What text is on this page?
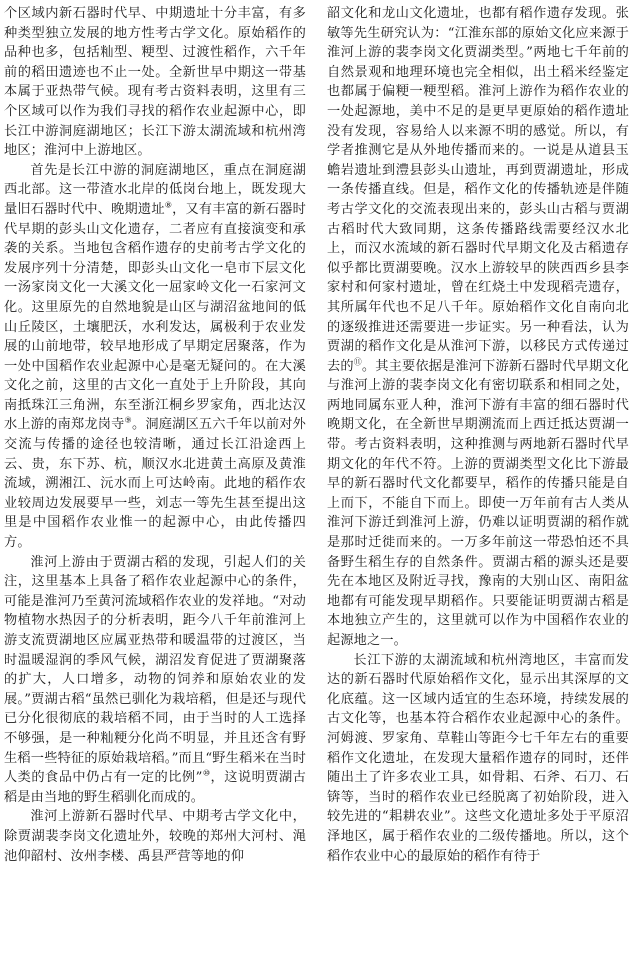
个区域内新石器时代早、中期遗址十分丰富，有多种类型独立发展的地方性考古学文化。原始稻作的品种也多，包括籼型、粳型、过渡性稻作，六千年前的稻田遗迹也不止一处。全新世早中期这一带基本属于亚热带气候。现有考古资料表明，这里有三个区域可以作为我们寻找的稻作农业起源中心，即长江中游洞庭湖地区；长江下游太湖流域和杭州湾地区；淮河中上游地区。

首先是长江中游的洞庭湖地区，重点在洞庭湖西北部。这一带渣水北岸的低岗台地上，既发现大量旧石器时代中、晚期遗址⑧，又有丰富的新石器时代早期的彭头山文化遗存，二者应有直接演变和承袭的关系。当地包含稻作遗存的史前考古学文化的发展序列十分清楚，即彭头山文化一皂市下层文化一汤家岗文化一大溪文化一屈家岭文化一石家河文化。这里原先的自然地貌是山区与湖沼盆地间的低山丘陵区，土壤肥沃，水利发达，属极利于农业发展的山前地带，较早地形成了早期定居聚落，作为一处中国稻作农业起源中心是毫无疑问的。在大溪文化之前，这里的古文化一直处于上升阶段，其向南抵珠江三角洲，东至浙江桐乡罗家角，西北达汉水上游的南郑龙岗寺⑨。洞庭湖区五六千年以前对外交流与传播的途径也较清晰，通过长江沿途西上云、贵，东下苏、杭，顺汉水北进黄土高原及黄淮流域，溯湘江、沅水而上可达岭南。此地的稻作农业较周边发展要早一些，刘志一等先生甚至提出这里是中国稻作农业惟一的起源中心，由此传播四方。

淮河上游由于贾湖古稻的发现，引起人们的关注，这里基本上具备了稻作农业起源中心的条件，可能是淮河乃至黄河流域稻作农业的发祥地。“对动物植物水热因子的分析表明，距今八千年前淮河上游支流贾湖地区应属亚热带和暖温带的过渡区，当时温暖湿润的季风气候，湖沼发育促进了贾湖聚落的扩大，人口增多，动物的饲养和原始农业的发展。”贾湖古稻“虽然已驯化为栽培稻，但是还与现代已分化很彻底的栽培稻不同，由于当时的人工选择不够强，是一种籼粳分化尚不明显，并且还含有野生稻一些特征的原始栽培稻。”而且“野生稻米在当时人类的食品中仍占有一定的比例”⑩，这说明贾湖古稻是由当地的野生稻驯化而成的。

淮河上游新石器时代早、中期考古学文化中，除贾湖裴李岗文化遗址外，较晚的郑州大河村、渑池仰韶村、汝州李楼、禹县严营等地的仰

韶文化和龙山文化遗址，也都有稻作遗存发现。张敏等先生研究认为：“江淮东部的原始文化应来源于淮河上游的裴李岗文化贾湖类型。”两地七千年前的自然景观和地理环境也完全相似，出土稻米经鉴定也都属于偏粳一粳型稻。淮河上游作为稻作农业的一处起源地，美中不足的是更早更原始的稻作遗址没有发现，容易给人以来源不明的感觉。所以，有学者推测它是从外地传播而来的。一说是从道县玉蟾岩遗址到澧县彭头山遗址，再到贾湖遗址，形成一条传播直线。但是，稻作文化的传播轨迹是伴随考古学文化的交流表现出来的，彭头山古稻与贾湖古稻时代大致同期，这条传播路线需要经汉水北上，而汉水流域的新石器时代早期文化及古稻遗存似乎都比贾湖要晚。汉水上游较早的陕西西乡县李家村和何家村遗址，曾在红烧土中发现稻壳遗存，其所属年代也不足八千年。原始稻作文化自南向北的逐级推进还需要进一步证实。另一种看法，认为贾湖的稻作文化是从淮河下游，以移民方式传递过去的⑪。其主要依据是淮河下游新石器时代早期文化与淮河上游的裴李岗文化有密切联系和相同之处，两地同属东亚人种，淮河下游有丰富的细石器时代晚期文化，在全新世早期溯流而上西迁抵达贾湖一带。考古资料表明，这种推测与两地新石器时代早期文化的年代不符。上游的贾湖类型文化比下游最早的新石器时代文化都要早，稻作的传播只能是自上而下，不能自下而上。即使一万年前有古人类从淮河下游迁到淮河上游，仍难以证明贾湖的稻作就是那时迁徙而来的。一万多年前这一带恐怕还不具备野生稻生存的自然条件。贾湖古稻的源头还是要先在本地区及附近寻找，豫南的大别山区、南阳盆地都有可能发现早期稻作。只要能证明贾湖古稻是本地独立产生的，这里就可以作为中国稻作农业的起源地之一。

长江下游的太湖流域和杭州湾地区，丰富而发达的新石器时代原始稻作文化，显示出其深厚的文化底蕴。这一区域内适宜的生态环境，持续发展的古文化等，也基本符合稻作农业起源中心的条件。河姆渡、罗家角、草鞋山等距今七千年左右的重要稻作文化遗址，在发现大量稻作遗存的同时，还伴随出土了许多农业工具，如骨耜、石斧、石刀、石锛等，当时的稻作农业已经脱离了初始阶段，进入较先进的“耜耕农业”。这些文化遗址多处于平原沼泽地区，属于稻作农业的二级传播地。所以，这个稻作农业中心的最原始的稻作有待于
